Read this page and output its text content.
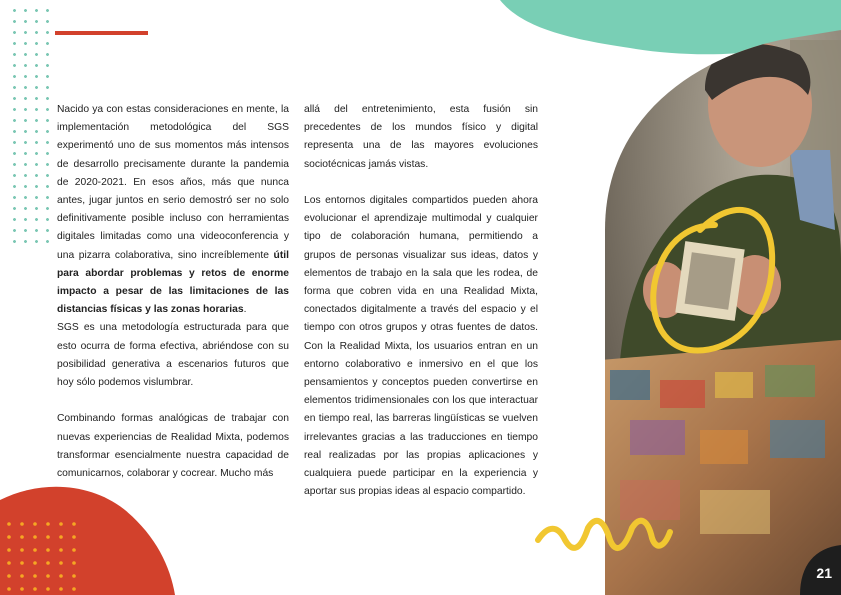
21

Nacido ya con estas consideraciones en mente, la implementación metodológica del SGS experimentó uno de sus momentos más intensos de desarrollo precisamente durante la pandemia de 2020-2021. En esos años, más que nunca antes, jugar juntos en serio demostró ser no solo definitivamente posible incluso con herramientas digitales limitadas como una videoconferencia y una pizarra colaborativa, sino increíblemente útil para abordar problemas y retos de enorme impacto a pesar de las limitaciones de las distancias físicas y las zonas horarias.

SGS es una metodología estructurada para que esto ocurra de forma efectiva, abriéndose con su posibilidad generativa a escenarios futuros que hoy sólo podemos vislumbrar.

Combinando formas analógicas de trabajar con nuevas experiencias de Realidad Mixta, podemos transformar esencialmente nuestra capacidad de comunicarnos, colaborar y cocrear. Mucho más

allá del entretenimiento, esta fusión sin precedentes de los mundos físico y digital representa una de las mayores evoluciones sociotécnicas jamás vistas.

Los entornos digitales compartidos pueden ahora evolucionar el aprendizaje multimodal y cualquier tipo de colaboración humana, permitiendo a grupos de personas visualizar sus ideas, datos y elementos de trabajo en la sala que les rodea, de forma que cobren vida en una Realidad Mixta, conectados digitalmente a través del espacio y el tiempo con otros grupos y otras fuentes de datos. Con la Realidad Mixta, los usuarios entran en un entorno colaborativo e inmersivo en el que los pensamientos y conceptos pueden convertirse en elementos tridimensionales con los que interactuar en tiempo real, las barreras lingüísticas se vuelven irrelevantes gracias a las traducciones en tiempo real realizadas por las propias aplicaciones y cualquiera puede participar en la experiencia y aportar sus propias ideas al espacio compartido.
